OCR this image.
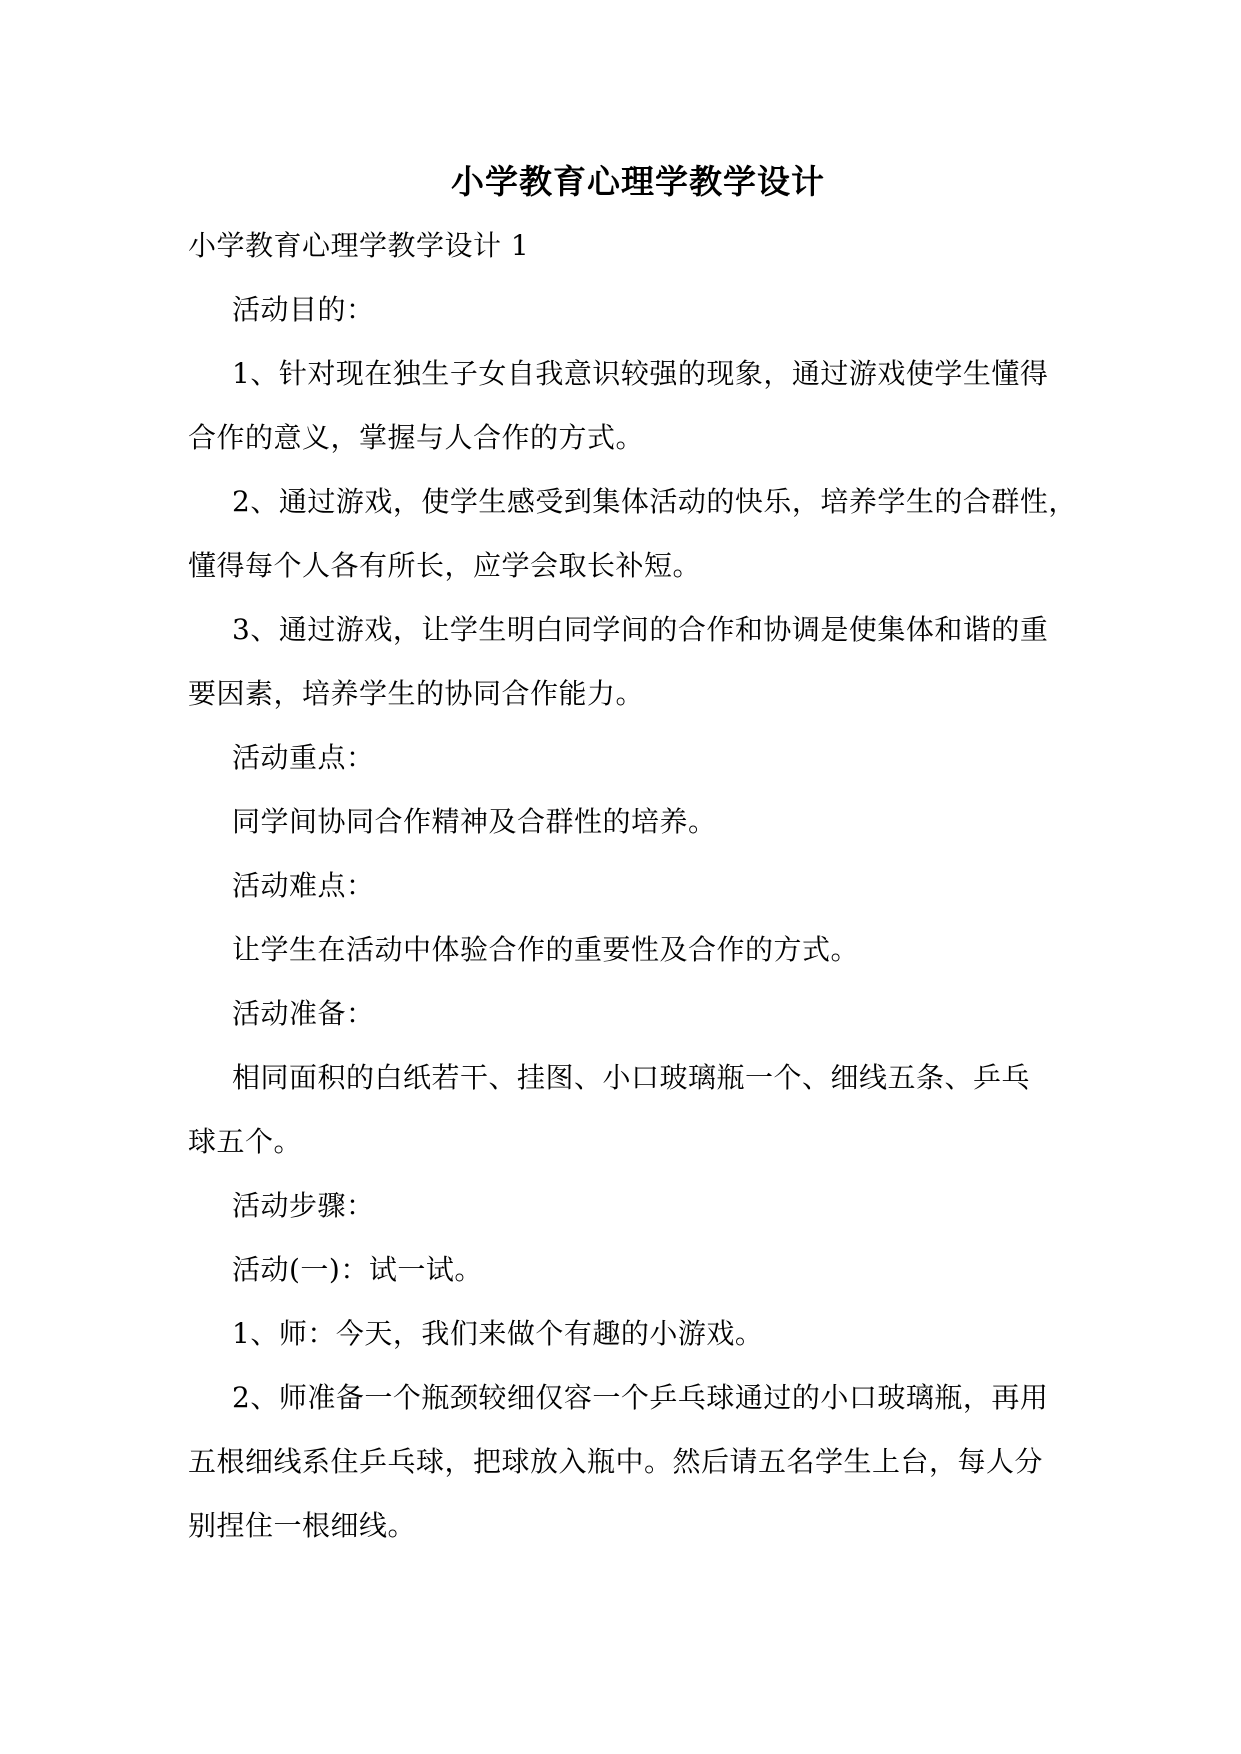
小学教育心理学教学设计

小学教育心理学教学设计 1

活动目的：

1、针对现在独生子女自我意识较强的现象，通过游戏使学生懂得

合作的意义，掌握与人合作的方式。

2、通过游戏，使学生感受到集体活动的快乐，培养学生的合群性，

懂得每个人各有所长，应学会取长补短。

3、通过游戏，让学生明白同学间的合作和协调是使集体和谐的重

要因素，培养学生的协同合作能力。

活动重点：

同学间协同合作精神及合群性的培养。

活动难点：

让学生在活动中体验合作的重要性及合作的方式。

活动准备：

相同面积的白纸若干、挂图、小口玻璃瓶一个、细线五条、乒乓

球五个。

活动步骤：

活动(一)：试一试。

1、师：今天，我们来做个有趣的小游戏。

2、师准备一个瓶颈较细仅容一个乒乓球通过的小口玻璃瓶，再用

五根细线系住乒乓球，把球放入瓶中。然后请五名学生上台，每人分

别捏住一根细线。
